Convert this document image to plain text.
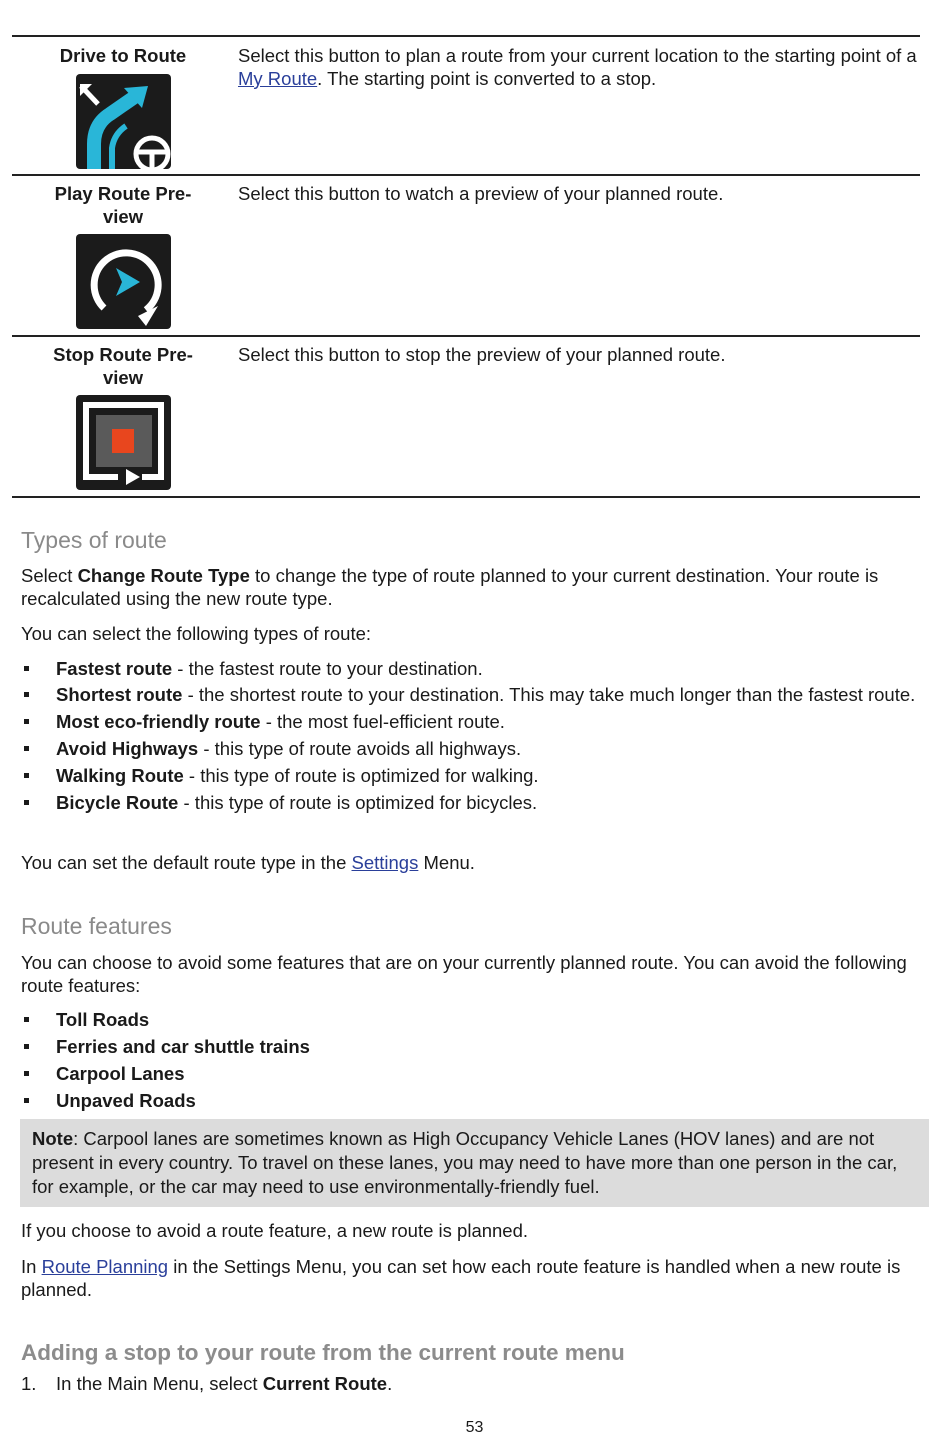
Drive to Route	Select this button to plan a route from your current location to the starting point of a My Route. The starting point is converted to a stop.
Play Route Pre-
view
Select this button to watch a preview of your planned route.
Stop Route Pre-
view
Select this button to stop the preview of your planned route.
Types of route
Select Change Route Type to change the type of route planned to your current destination. Your route is recalculated using the new route type.
You can select the following types of route:
Fastest route - the fastest route to your destination.
Shortest route - the shortest route to your destination. This may take much longer than the fastest route.
Most eco-friendly route - the most fuel-efficient route.
Avoid Highways - this type of route avoids all highways.
Walking Route - this type of route is optimized for walking.
Bicycle Route - this type of route is optimized for bicycles.
You can set the default route type in the Settings Menu.
Route features
You can choose to avoid some features that are on your currently planned route. You can avoid the following route features:
Toll Roads
Ferries and car shuttle trains
Carpool Lanes
Unpaved Roads
Note: Carpool lanes are sometimes known as High Occupancy Vehicle Lanes (HOV lanes) and are not present in every country. To travel on these lanes, you may need to have more than one person in the car, for example, or the car may need to use environmentally-friendly fuel.
If you choose to avoid a route feature, a new route is planned.
In Route Planning in the Settings Menu, you can set how each route feature is handled when a new route is planned.
Adding a stop to your route from the current route menu
1. In the Main Menu, select Current Route.
53
